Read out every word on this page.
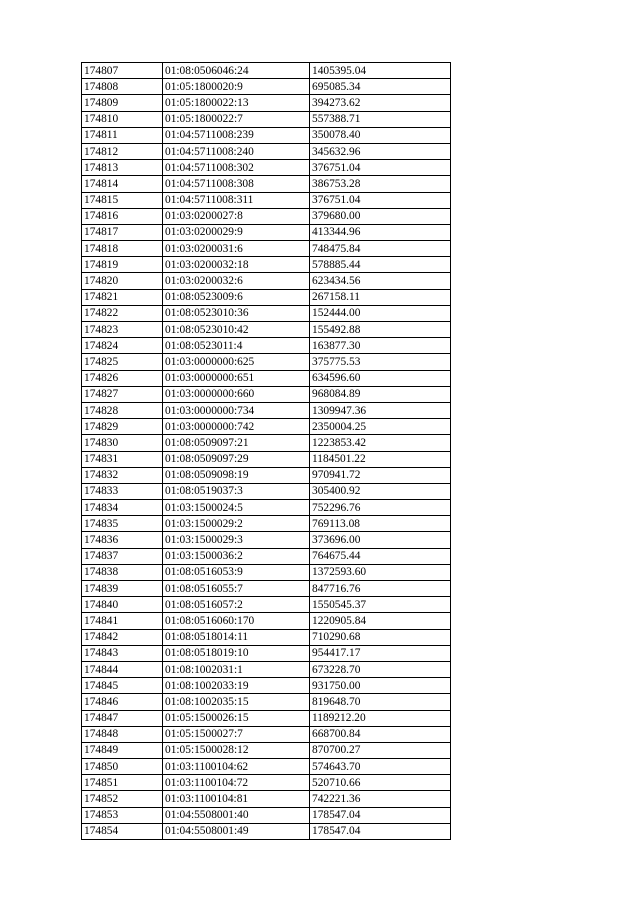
174807	01:08:0506046:24	1405395.04
174808	01:05:1800020:9	695085.34
174809	01:05:1800022:13	394273.62
174810	01:05:1800022:7	557388.71
174811	01:04:5711008:239	350078.40
174812	01:04:5711008:240	345632.96
174813	01:04:5711008:302	376751.04
174814	01:04:5711008:308	386753.28
174815	01:04:5711008:311	376751.04
174816	01:03:0200027:8	379680.00
174817	01:03:0200029:9	413344.96
174818	01:03:0200031:6	748475.84
174819	01:03:0200032:18	578885.44
174820	01:03:0200032:6	623434.56
174821	01:08:0523009:6	267158.11
174822	01:08:0523010:36	152444.00
174823	01:08:0523010:42	155492.88
174824	01:08:0523011:4	163877.30
174825	01:03:0000000:625	375775.53
174826	01:03:0000000:651	634596.60
174827	01:03:0000000:660	968084.89
174828	01:03:0000000:734	1309947.36
174829	01:03:0000000:742	2350004.25
174830	01:08:0509097:21	1223853.42
174831	01:08:0509097:29	1184501.22
174832	01:08:0509098:19	970941.72
174833	01:08:0519037:3	305400.92
174834	01:03:1500024:5	752296.76
174835	01:03:1500029:2	769113.08
174836	01:03:1500029:3	373696.00
174837	01:03:1500036:2	764675.44
174838	01:08:0516053:9	1372593.60
174839	01:08:0516055:7	847716.76
174840	01:08:0516057:2	1550545.37
174841	01:08:0516060:170	1220905.84
174842	01:08:0518014:11	710290.68
174843	01:08:0518019:10	954417.17
174844	01:08:1002031:1	673228.70
174845	01:08:1002033:19	931750.00
174846	01:08:1002035:15	819648.70
174847	01:05:1500026:15	1189212.20
174848	01:05:1500027:7	668700.84
174849	01:05:1500028:12	870700.27
174850	01:03:1100104:62	574643.70
174851	01:03:1100104:72	520710.66
174852	01:03:1100104:81	742221.36
174853	01:04:5508001:40	178547.04
174854	01:04:5508001:49	178547.04
